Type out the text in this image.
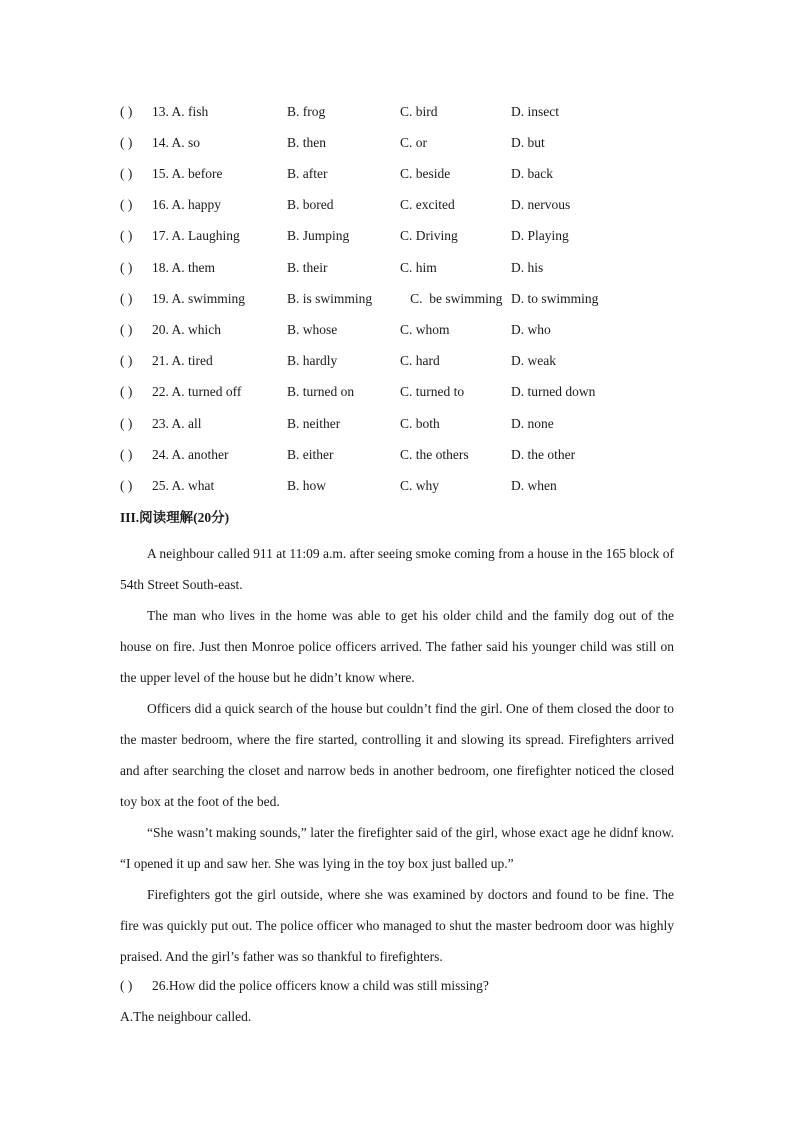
( ) 13. A. fish	B. frog	C. bird	D. insect
( ) 14. A. so	B. then	C. or	D. but
( ) 15. A. before	B. after	C. beside	D. back
( ) 16. A. happy	B. bored	C. excited	D. nervous
( ) 17. A. Laughing	B. Jumping	C. Driving	D. Playing
( ) 18. A. them	B. their	C. him	D. his
( ) 19. A. swimming	B. is swimming C.  be swimming D. to swimming
( ) 20. A. which	B. whose	C. whom	D. who
( ) 21. A. tired	B. hardly	C. hard	D. weak
( ) 22. A. turned off	B. turned on	C. turned to	D. turned down
( ) 23. A. all	B. neither	C. both	D. none
( ) 24. A. another	B. either	C. the others	D. the other
( ) 25. A. what	B. how	C. why	D. when
III.阅读理解(20分)

A neighbour called 911 at 11:09 a.m. after seeing smoke coming from a house in the 165 block of 54th Street South-east.

The man who lives in the home was able to get his older child and the family dog out of the house on fire. Just then Monroe police officers arrived. The father said his younger child was still on the upper level of the house but he didn’t know where.

Officers did a quick search of the house but couldn’t find the girl. One of them closed the door to the master bedroom, where the fire started, controlling it and slowing its spread. Firefighters arrived and after searching the closet and narrow beds in another bedroom, one firefighter noticed the closed toy box at the foot of the bed.

“She wasn’t making sounds,” later the firefighter said of the girl, whose exact age he didnf know. “I opened it up and saw her. She was lying in the toy box just balled up.”

Firefighters got the girl outside, where she was examined by doctors and found to be fine. The fire was quickly put out. The police officer who managed to shut the master bedroom door was highly praised. And the girl’s father was so thankful to firefighters.

( ) 26.How did the police officers know a child was still missing?
A.The neighbour called.
